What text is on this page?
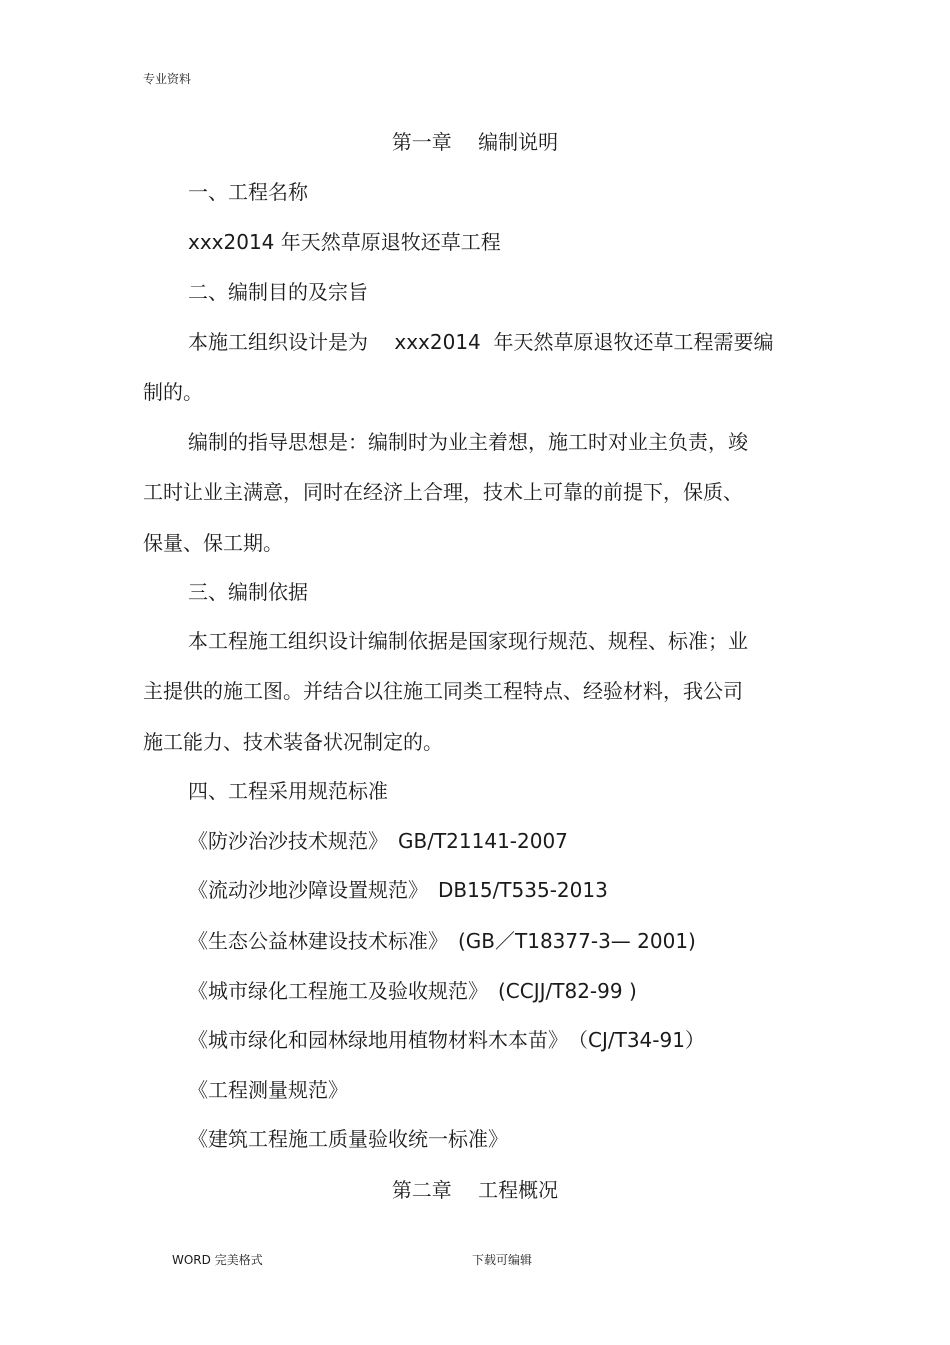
专业资料
第一章　 编制说明
一、工程名称
xxx2014 年天然草原退牧还草工程
二、编制目的及宗旨
本施工组织设计是为　 xxx2014  年天然草原退牧还草工程需要编
制的。
编制的指导思想是：编制时为业主着想，施工时对业主负责，竣
工时让业主满意，同时在经济上合理，技术上可靠的前提下，保质、
保量、保工期。
三、编制依据
本工程施工组织设计编制依据是国家现行规范、规程、标准；业
主提供的施工图。并结合以往施工同类工程特点、经验材料，我公司
施工能力、技术装备状况制定的。
四、工程采用规范标准
《防沙治沙技术规范》　GB/T21141-2007
《流动沙地沙障设置规范》　DB15/T535-2013
《生态公益林建设技术标准》　(GB／T18377-3— 2001)
《城市绿化工程施工及验收规范》　(CCJJ/T82-99 )
《城市绿化和园林绿地用植物材料木本苗》　（CJ/T34-91）
《工程测量规范》
《建筑工程施工质量验收统一标准》
第二章　 工程概况
WORD 完美格式	下载可编辑
